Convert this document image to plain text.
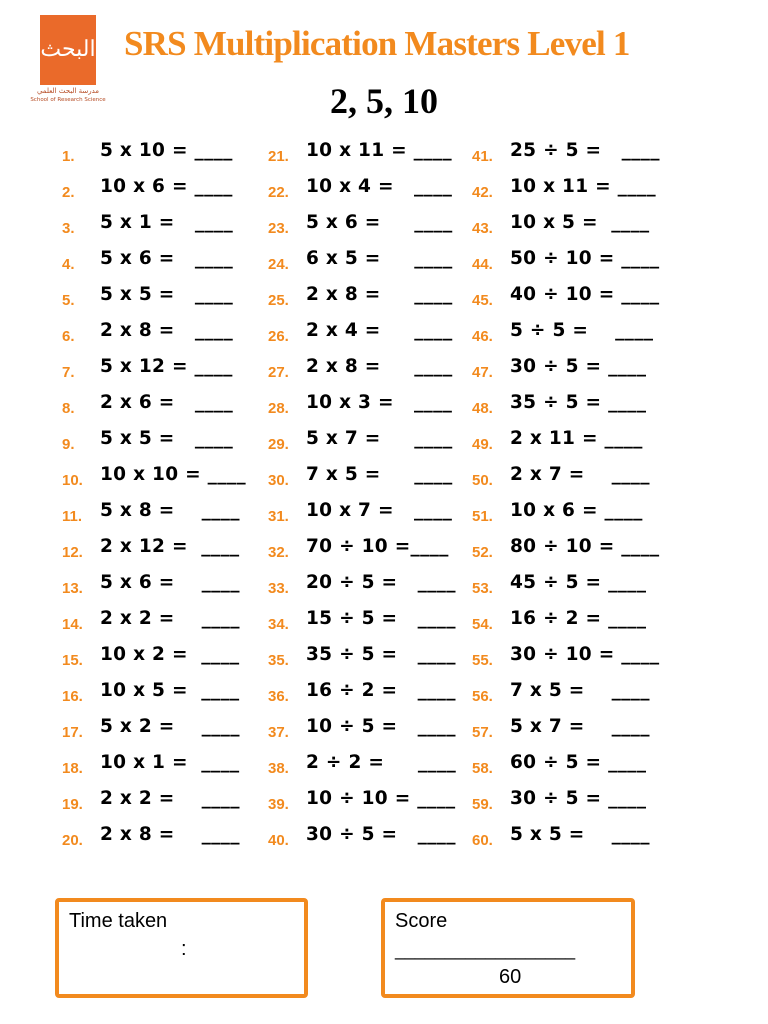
البحث
مدرسة البحث العلمي
School of Research Science
SRS Multiplication Masters Level 1
2, 5, 10
1.	5 x 10 = ____
2.	10 x 6 = ____
3.	5 x 1 =   ____
4.	5 x 6 =   ____
5.	5 x 5 =   ____
6.	2 x 8 =   ____
7.	5 x 12 = ____
8.	2 x 6 =   ____
9.	5 x 5 =   ____
10. 10 x 10 = ____
11. 5 x 8 =    ____
12. 2 x 12 =  ____
13. 5 x 6 =    ____
14. 2 x 2 =    ____
15. 10 x 2 =  ____
16. 10 x 5 =  ____
17. 5 x 2 =    ____
18. 10 x 1 =  ____
19. 2 x 2 =    ____
20. 2 x 8 =    ____
21. 10 x 11 = ____
22. 10 x 4 =   ____
23. 5 x 6 =     ____
24. 6 x 5 =     ____
25. 2 x 8 =     ____
26. 2 x 4 =     ____
27. 2 x 8 =     ____
28. 10 x 3 =   ____
29. 5 x 7 =     ____
30. 7 x 5 =     ____
31. 10 x 7 =   ____
32. 70 ÷ 10 =____
33. 20 ÷ 5 =   ____
34. 15 ÷ 5 =   ____
35. 35 ÷ 5 =   ____
36. 16 ÷ 2 =   ____
37. 10 ÷ 5 =   ____
38. 2 ÷ 2 =     ____
39. 10 ÷ 10 = ____
40. 30 ÷ 5 =   ____
41. 25 ÷ 5 =   ____
42. 10 x 11 = ____
43. 10 x 5 =  ____
44. 50 ÷ 10 = ____
45. 40 ÷ 10 = ____
46. 5 ÷ 5 =    ____
47. 30 ÷ 5 = ____
48. 35 ÷ 5 = ____
49. 2 x 11 = ____
50. 2 x 7 =    ____
51. 10 x 6 = ____
52. 80 ÷ 10 = ____
53. 45 ÷ 5 = ____
54. 16 ÷ 2 = ____
55. 30 ÷ 10 = ____
56. 7 x 5 =    ____
57. 5 x 7 =    ____
58. 60 ÷ 5 = ____
59. 30 ÷ 5 = ____
60. 5 x 5 =    ____
Time taken
:
Score
__________________
60
